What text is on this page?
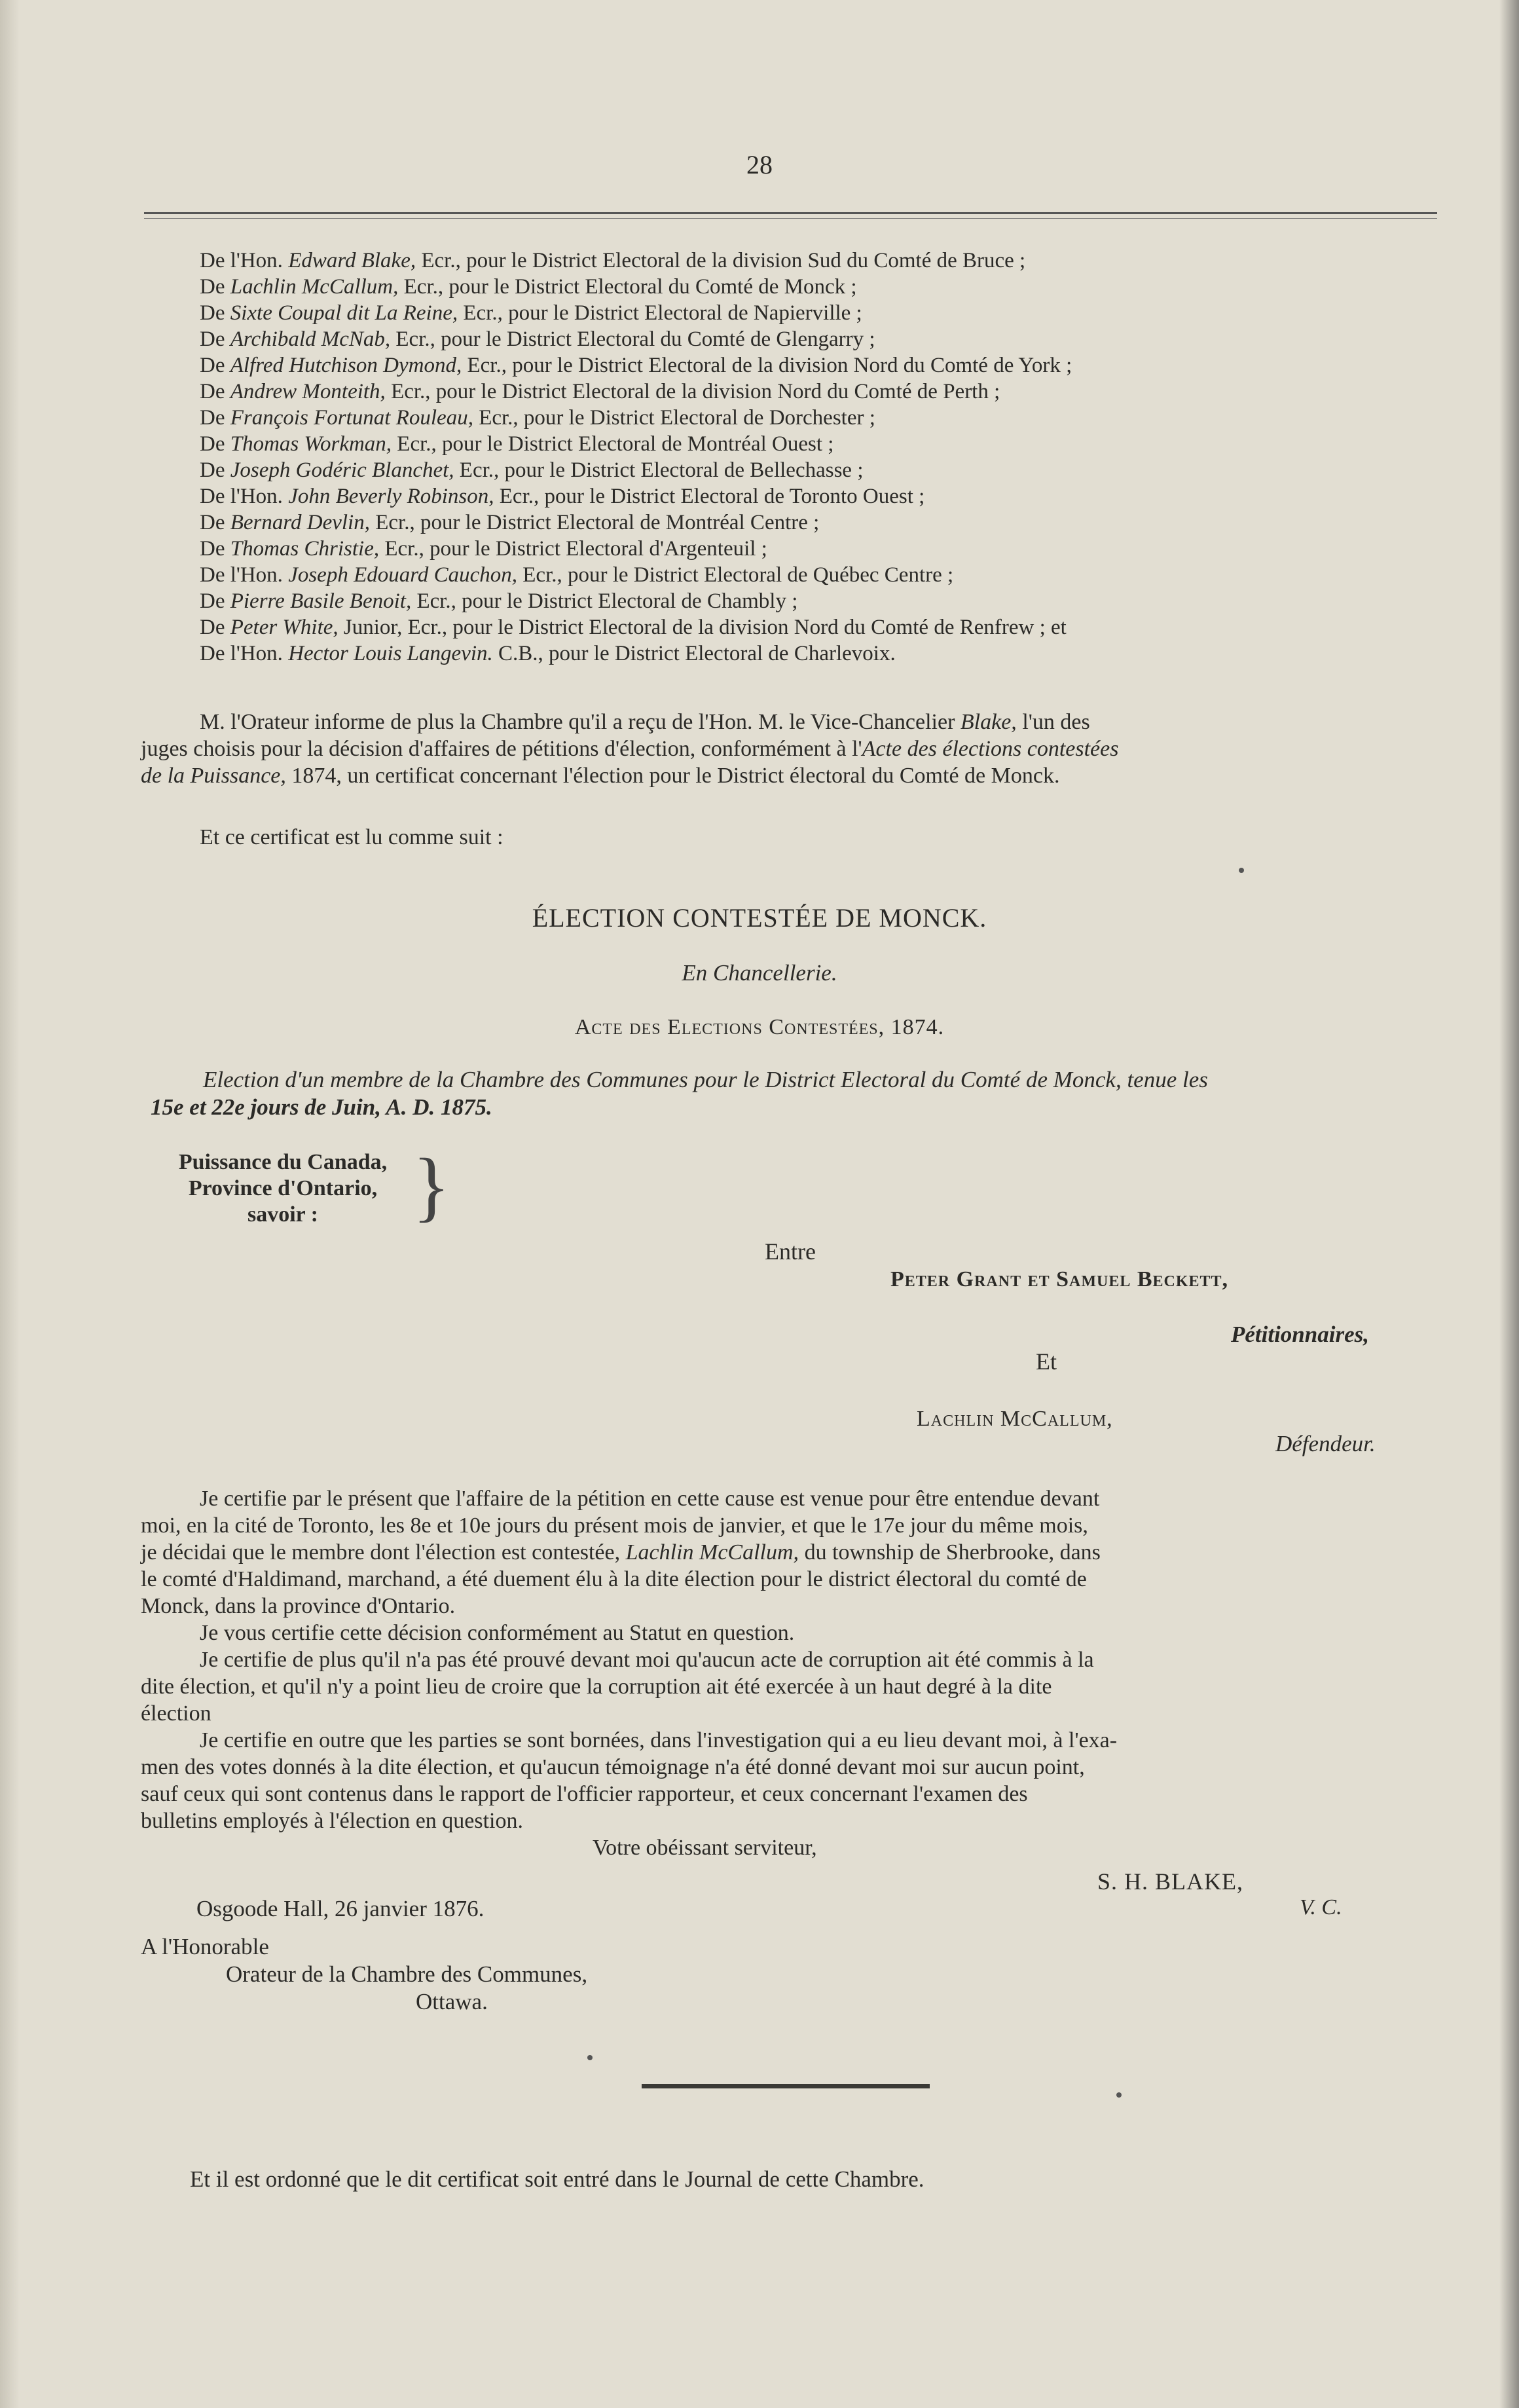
28
De l'Hon. Edward Blake, Ecr., pour le District Electoral de la division Sud du Comté de Bruce ;
De Lachlin McCallum, Ecr., pour le District Electoral du Comté de Monck ;
De Sixte Coupal dit La Reine, Ecr., pour le District Electoral de Napierville ;
De Archibald McNab, Ecr., pour le District Electoral du Comté de Glengarry ;
De Alfred Hutchison Dymond, Ecr., pour le District Electoral de la division Nord du Comté de York ;
De Andrew Monteith, Ecr., pour le District Electoral de la division Nord du Comté de Perth ;
De François Fortunat Rouleau, Ecr., pour le District Electoral de Dorchester ;
De Thomas Workman, Ecr., pour le District Electoral de Montréal Ouest ;
De Joseph Godéric Blanchet, Ecr., pour le District Electoral de Bellechasse ;
De l'Hon. John Beverly Robinson, Ecr., pour le District Electoral de Toronto Ouest ;
De Bernard Devlin, Ecr., pour le District Electoral de Montréal Centre ;
De Thomas Christie, Ecr., pour le District Electoral d'Argenteuil ;
De l'Hon. Joseph Edouard Cauchon, Ecr., pour le District Electoral de Québec Centre ;
De Pierre Basile Benoit, Ecr., pour le District Electoral de Chambly ;
De Peter White, Junior, Ecr., pour le District Electoral de la division Nord du Comté de Renfrew ; et
De l'Hon. Hector Louis Langevin. C.B., pour le District Electoral de Charlevoix.
M. l'Orateur informe de plus la Chambre qu'il a reçu de l'Hon. M. le Vice-Chancelier Blake, l'un des
juges choisis pour la décision d'affaires de pétitions d'élection, conformément à l'Acte des élections contestées
de la Puissance, 1874, un certificat concernant l'élection pour le District électoral du Comté de Monck.
Et ce certificat est lu comme suit :
ÉLECTION CONTESTÉE DE MONCK.
En Chancellerie.
Acte des Elections Contestées, 1874.
Election d'un membre de la Chambre des Communes pour le District Electoral du Comté de Monck, tenue les
15e et 22e jours de Juin, A. D. 1875.
Puissance du Canada,
Province d'Ontario,
savoir :	}
Entre
Peter Grant et Samuel Beckett,
Pétitionnaires,
Et
Lachlin McCallum,
Défendeur.
Je certifie par le présent que l'affaire de la pétition en cette cause est venue pour être entendue devant
moi, en la cité de Toronto, les 8e et 10e jours du présent mois de janvier, et que le 17e jour du même mois,
je décidai que le membre dont l'élection est contestée, Lachlin McCallum, du township de Sherbrooke, dans
le comté d'Haldimand, marchand, a été duement élu à la dite élection pour le district électoral du comté de
Monck, dans la province d'Ontario.
Je vous certifie cette décision conformément au Statut en question.
Je certifie de plus qu'il n'a pas été prouvé devant moi qu'aucun acte de corruption ait été commis à la
dite élection, et qu'il n'y a point lieu de croire que la corruption ait été exercée à un haut degré à la dite
élection
Je certifie en outre que les parties se sont bornées, dans l'investigation qui a eu lieu devant moi, à l'exa-
men des votes donnés à la dite élection, et qu'aucun témoignage n'a été donné devant moi sur aucun point,
sauf ceux qui sont contenus dans le rapport de l'officier rapporteur, et ceux concernant l'examen des
bulletins employés à l'élection en question.
Votre obéissant serviteur,
S. H. BLAKE,
V. C.
Osgoode Hall, 26 janvier 1876.
A l'Honorable
Orateur de la Chambre des Communes,
Ottawa.
Et il est ordonné que le dit certificat soit entré dans le Journal de cette Chambre.
